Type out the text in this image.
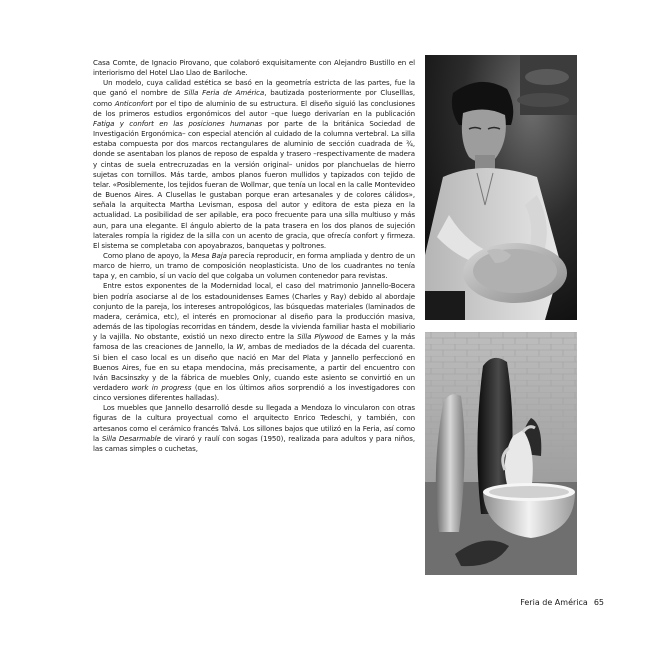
Casa Comte, de Ignacio Pirovano, que colaboró exquisitamente con Alejandro Bustillo en el interiorismo del Hotel Llao Llao de Bariloche.

Un modelo, cuya calidad estética se basó en la geometría estricta de las partes, fue la que ganó el nombre de Silla Feria de América, bautizada posteriormente por Cluselllas, como Anticonfort por el tipo de aluminio de su estructura. El diseño siguió las conclusiones de los primeros estudios ergonómicos del autor –que luego derivarían en la publicación Fatiga y confort en las posiciones humanas por parte de la británica Sociedad de Investigación Ergonómica– con especial atención al cuidado de la columna vertebral. La silla estaba compuesta por dos marcos rectangulares de aluminio de sección cuadrada de ¾, donde se asentaban los planos de reposo de espalda y trasero –respectivamente de madera y cintas de suela entrecruzadas en la versión original– unidos por planchuelas de hierro sujetas con tornillos. Más tarde, ambos planos fueron mullidos y tapizados con tejido de telar. «Posiblemente, los tejidos fueran de Wollmar, que tenía un local en la calle Montevideo de Buenos Aires. A Clusellas le gustaban porque eran artesanales y de colores cálidos», señala la arquitecta Martha Levisman, esposa del autor y editora de esta pieza en la actualidad. La posibilidad de ser apilable, era poco frecuente para una silla multiuso y más aun, para una elegante. El ángulo abierto de la pata trasera en los dos planos de sujeción laterales rompía la rigidez de la silla con un acento de gracia, que ofrecía confort y firmeza. El sistema se completaba con apoyabrazos, banquetas y poltrones.

Como plano de apoyo, la Mesa Baja parecía reproducir, en forma ampliada y dentro de un marco de hierro, un tramo de composición neoplasticista. Uno de los cuadrantes no tenía tapa y, en cambio, sí un vacío del que colgaba un volumen contenedor para revistas.

Entre estos exponentes de la Modernidad local, el caso del matrimonio Jannello-Bocera bien podría asociarse al de los estadounidenses Eames (Charles y Ray) debido al abordaje conjunto de la pareja, los intereses antropológicos, las búsquedas materiales (laminados de madera, cerámica, etc), el interés en promocionar al diseño para la producción masiva, además de las tipologías recorridas en tándem, desde la vivienda familiar hasta el mobiliario y la vajilla. No obstante, existió un nexo directo entre la Silla Plywood de Eames y la más famosa de las creaciones de Jannello, la W, ambas de mediados de la década del cuarenta. Si bien el caso local es un diseño que nació en Mar del Plata y Jannello perfeccionó en Buenos Aires, fue en su etapa mendocina, más precisamente, a partir del encuentro con Iván Bacsinszky y de la fábrica de muebles Only, cuando este asiento se convirtió en un verdadero work in progress (que en los últimos años sorprendió a los investigadores con cinco versiones diferentes halladas).

Los muebles que Jannello desarrolló desde su llegada a Mendoza lo vincularon con otras figuras de la cultura proyectual como el arquitecto Enrico Tedeschi, y también, con artesanos como el cerámico francés Talvá. Los sillones bajos que utilizó en la Feria, así como la Silla Desarmable de viraró y raulí con sogas (1950), realizada para adultos y para niños, las camas simples o cuchetas,

Feria de América 65
